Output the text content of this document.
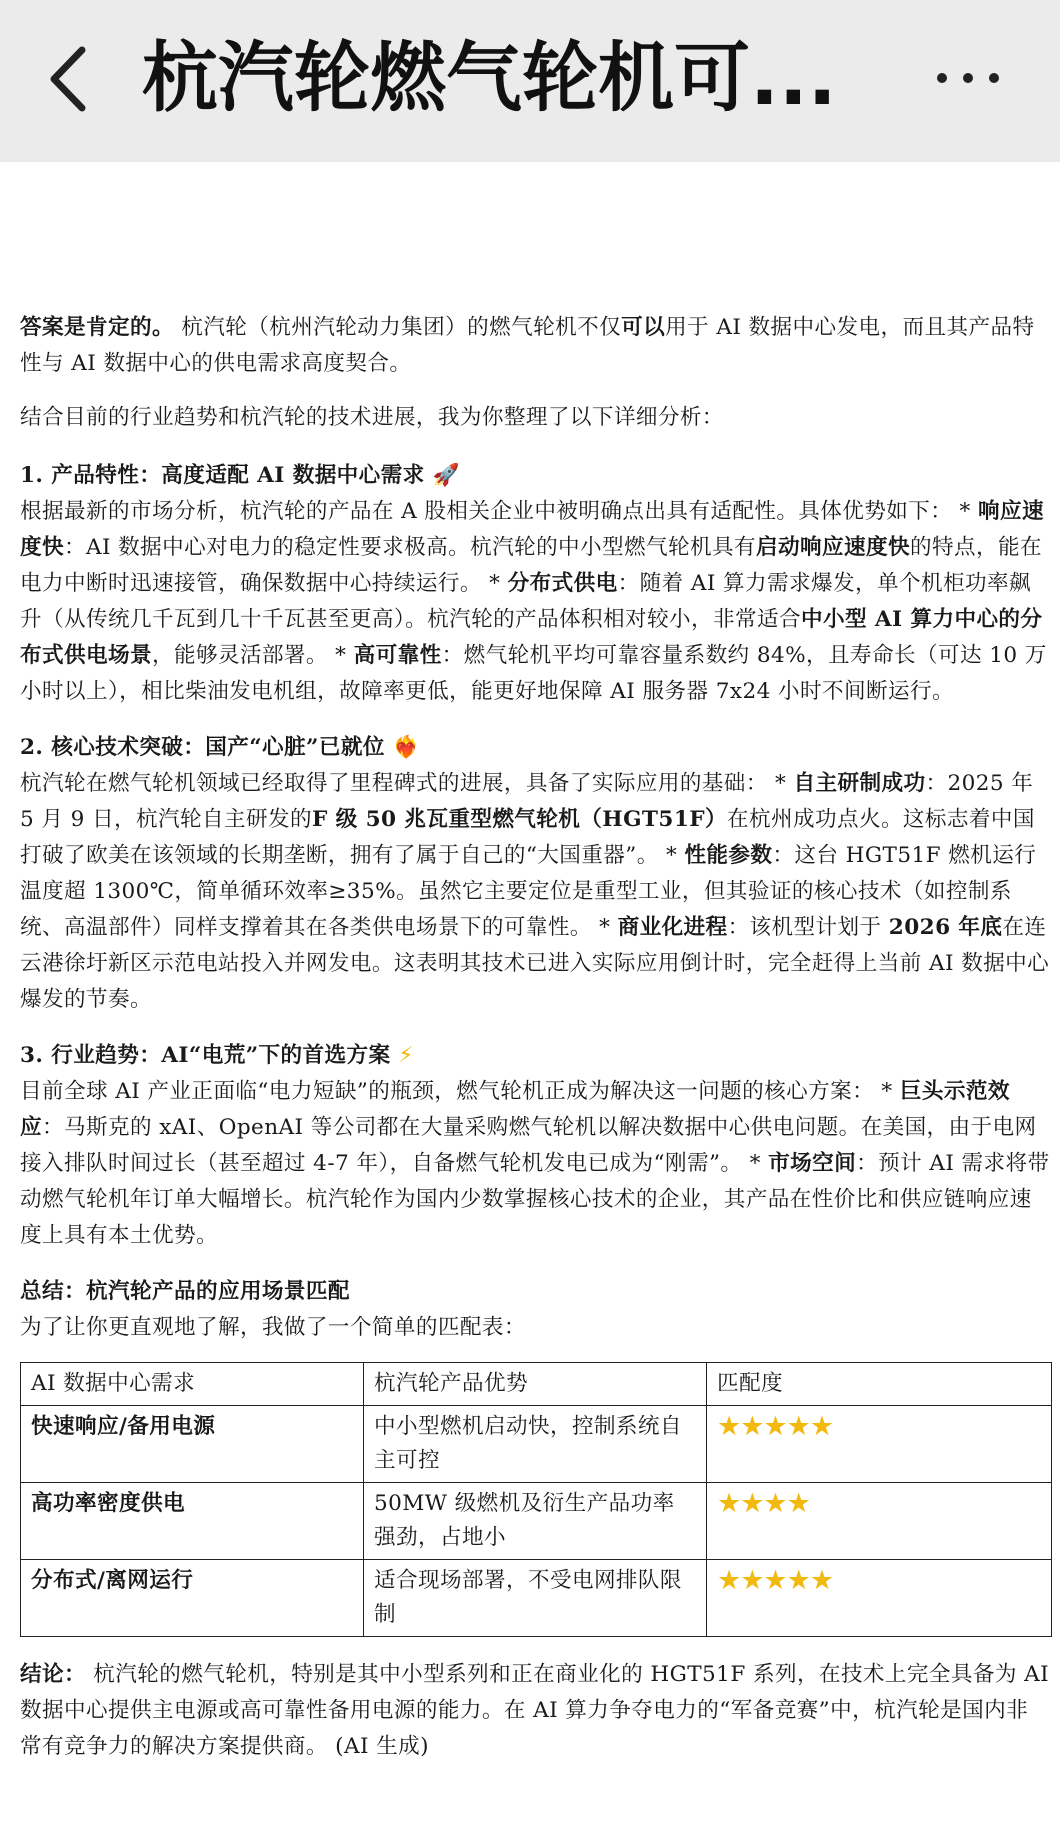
杭汽轮燃气轮机可...

答案是肯定的。 杭汽轮（杭州汽轮动力集团）的燃气轮机不仅可以用于 AI 数据中心发电，而且其产品特性与 AI 数据中心的供电需求高度契合。

结合目前的行业趋势和杭汽轮的技术进展，我为你整理了以下详细分析：

1. 产品特性：高度适配 AI 数据中心需求 🚀

根据最新的市场分析，杭汽轮的产品在 A 股相关企业中被明确点出具有适配性。具体优势如下： * 响应速度快：AI 数据中心对电力的稳定性要求极高。杭汽轮的中小型燃气轮机具有启动响应速度快的特点，能在电力中断时迅速接管，确保数据中心持续运行。 * 分布式供电：随着 AI 算力需求爆发，单个机柜功率飙升（从传统几千瓦到几十千瓦甚至更高）。杭汽轮的产品体积相对较小，非常适合中小型 AI 算力中心的分布式供电场景，能够灵活部署。 * 高可靠性：燃气轮机平均可靠容量系数约 84%，且寿命长（可达 10 万小时以上），相比柴油发电机组，故障率更低，能更好地保障 AI 服务器 7x24 小时不间断运行。

2. 核心技术突破：国产“心脏”已就位 ❤️‍🔥

杭汽轮在燃气轮机领域已经取得了里程碑式的进展，具备了实际应用的基础： * 自主研制成功：2025 年 5 月 9 日，杭汽轮自主研发的F 级 50 兆瓦重型燃气轮机（HGT51F）在杭州成功点火。这标志着中国打破了欧美在该领域的长期垄断，拥有了属于自己的“大国重器”。 * 性能参数：这台 HGT51F 燃机运行温度超 1300℃，简单循环效率≥35%。虽然它主要定位是重型工业，但其验证的核心技术（如控制系统、高温部件）同样支撑着其在各类供电场景下的可靠性。 * 商业化进程：该机型计划于 2026 年底在连云港徐圩新区示范电站投入并网发电。这表明其技术已进入实际应用倒计时，完全赶得上当前 AI 数据中心爆发的节奏。

3. 行业趋势：AI“电荒”下的首选方案 ⚡

目前全球 AI 产业正面临“电力短缺”的瓶颈，燃气轮机正成为解决这一问题的核心方案： * 巨头示范效应：马斯克的 xAI、OpenAI 等公司都在大量采购燃气轮机以解决数据中心供电问题。在美国，由于电网接入排队时间过长（甚至超过 4-7 年），自备燃气轮机发电已成为“刚需”。 * 市场空间：预计 AI 需求将带动燃气轮机年订单大幅增长。杭汽轮作为国内少数掌握核心技术的企业，其产品在性价比和供应链响应速度上具有本土优势。

总结：杭汽轮产品的应用场景匹配

为了让你更直观地了解，我做了一个简单的匹配表：

AI 数据中心需求	杭汽轮产品优势	匹配度
快速响应/备用电源	中小型燃机启动快，控制系统自主可控	★★★★★
高功率密度供电	50MW 级燃机及衍生产品功率强劲，占地小	★★★★
分布式/离网运行	适合现场部署，不受电网排队限制	★★★★★

结论： 杭汽轮的燃气轮机，特别是其中小型系列和正在商业化的 HGT51F 系列，在技术上完全具备为 AI 数据中心提供主电源或高可靠性备用电源的能力。在 AI 算力争夺电力的“军备竞赛”中，杭汽轮是国内非常有竞争力的解决方案提供商。 (AI 生成)
